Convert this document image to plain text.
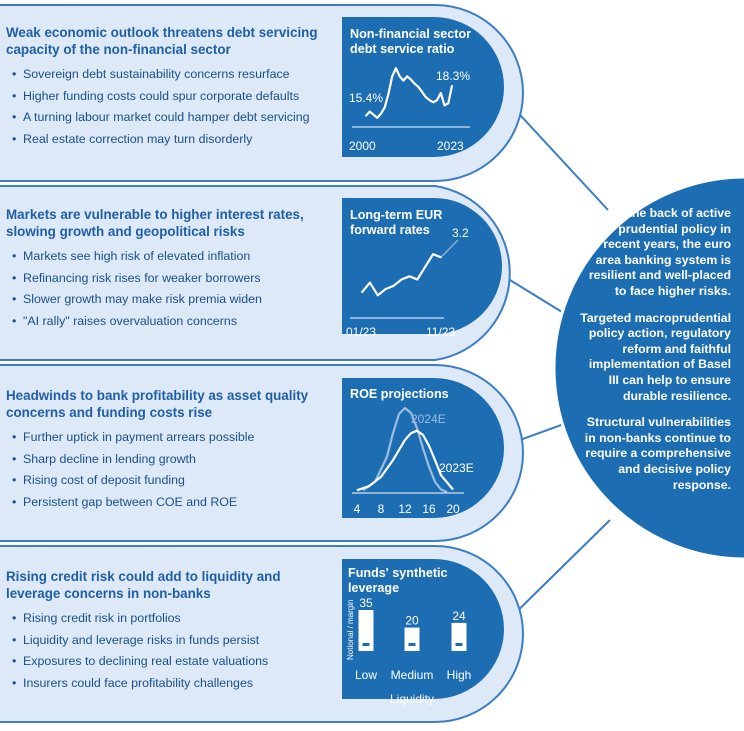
15.4%
18.3%
2000	2023
3.2
01/23	11/23
2024E
2023E
4 8 12 16 20
35
Low
20
Medium
24
High
Notional / margin
Liquidity
Non-financial sector debt service ratio
Long-term EUR forward rates
ROE projections
Funds' synthetic leverage
Weak economic outlook threatens debt servicing capacity of the non-financial sector
• Sovereign debt sustainability concerns resurface
• Higher funding costs could spur corporate defaults
• A turning labour market could hamper debt servicing
• Real estate correction may turn disorderly
Markets are vulnerable to higher interest rates, slowing growth and geopolitical risks
• Markets see high risk of elevated inflation
• Refinancing risk rises for weaker borrowers
• Slower growth may make risk premia widen
• "AI rally" raises overvaluation concerns
Headwinds to bank profitability as asset quality concerns and funding costs rise
• Further uptick in payment arrears possible
• Sharp decline in lending growth
• Rising cost of deposit funding
• Persistent gap between COE and ROE
Rising credit risk could add to liquidity and leverage concerns in non-banks
• Rising credit risk in portfolios
• Liquidity and leverage risks in funds persist
• Exposures to declining real estate valuations
• Insurers could face profitability challenges

On the back of active prudential policy in recent years, the euro area banking system is resilient and well-placed to face higher risks.

Targeted macroprudential policy action, regulatory reform and faithful implementation of Basel III can help to ensure durable resilience.

Structural vulnerabilities in non-banks continue to require a comprehensive and decisive policy response.
